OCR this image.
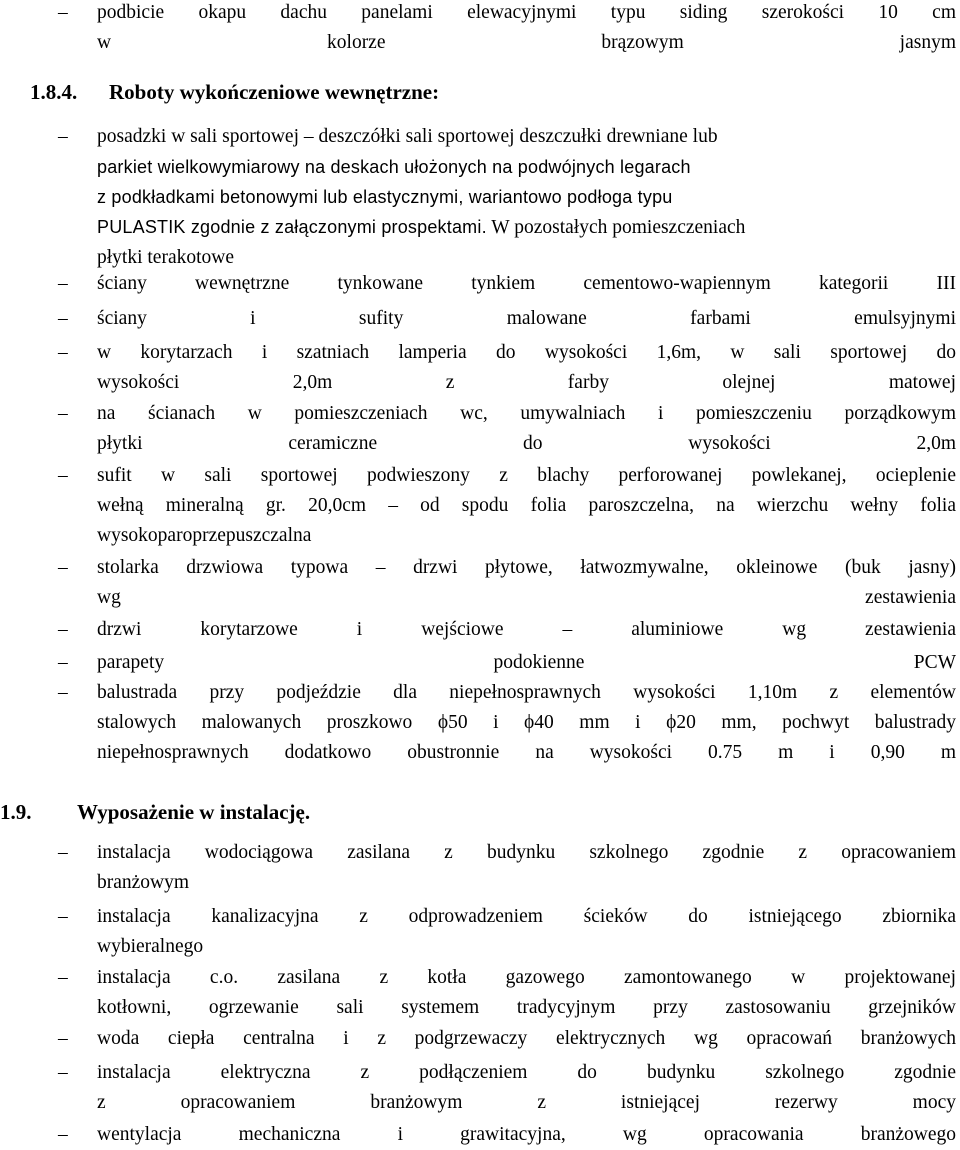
–	podbicie okapu dachu panelami elewacyjnymi typu siding szerokości 10 cm
w kolorze brązowym jasnym
1.8.4. Roboty wykończeniowe wewnętrzne:
–	posadzki w sali sportowej – deszczółki sali sportowej deszczułki drewniane lub
parkiet wielkowymiarowy na deskach ułożonych na podwójnych legarach
z podkładkami betonowymi lub elastycznymi, wariantowo podłoga typu
PULASTIK zgodnie z załączonymi prospektami. W pozostałych pomieszczeniach
płytki terakotowe
–	ściany wewnętrzne tynkowane tynkiem cementowo-wapiennym kategorii III
–	ściany i sufity malowane farbami emulsyjnymi
–	w korytarzach i szatniach lamperia do wysokości 1,6m, w sali sportowej do
wysokości 2,0m z farby olejnej matowej
–	na ścianach w pomieszczeniach wc, umywalniach i pomieszczeniu porządkowym
płytki ceramiczne do wysokości 2,0m
–	sufit w sali sportowej podwieszony z blachy perforowanej powlekanej, ocieplenie
wełną mineralną gr. 20,0cm – od spodu folia paroszczelna, na wierzchu wełny folia
wysokoparoprzepuszczalna
–	stolarka drzwiowa typowa – drzwi płytowe, łatwozmywalne, okleinowe (buk jasny)
wg zestawienia
–	drzwi korytarzowe i wejściowe – aluminiowe wg zestawienia
–	parapety podokienne PCW
–	balustrada przy podjeździe dla niepełnosprawnych wysokości 1,10m z elementów
stalowych malowanych proszkowo ϕ50 i ϕ40 mm i ϕ20 mm, pochwyt balustrady
niepełnosprawnych dodatkowo obustronnie na wysokości 0.75 m i 0,90 m
1.9. Wyposażenie w instalację.
–	instalacja wodociągowa zasilana z budynku szkolnego zgodnie z opracowaniem
branżowym
–	instalacja kanalizacyjna z odprowadzeniem ścieków do istniejącego zbiornika
wybieralnego
–	instalacja c.o. zasilana z kotła gazowego zamontowanego w projektowanej
kotłowni, ogrzewanie sali systemem tradycyjnym przy zastosowaniu grzejników
–	woda ciepła centralna i z podgrzewaczy elektrycznych wg opracowań branżowych
–	instalacja elektryczna z podłączeniem do budynku szkolnego zgodnie
z opracowaniem branżowym z istniejącej rezerwy mocy
–	wentylacja mechaniczna i grawitacyjna, wg opracowania branżowego
